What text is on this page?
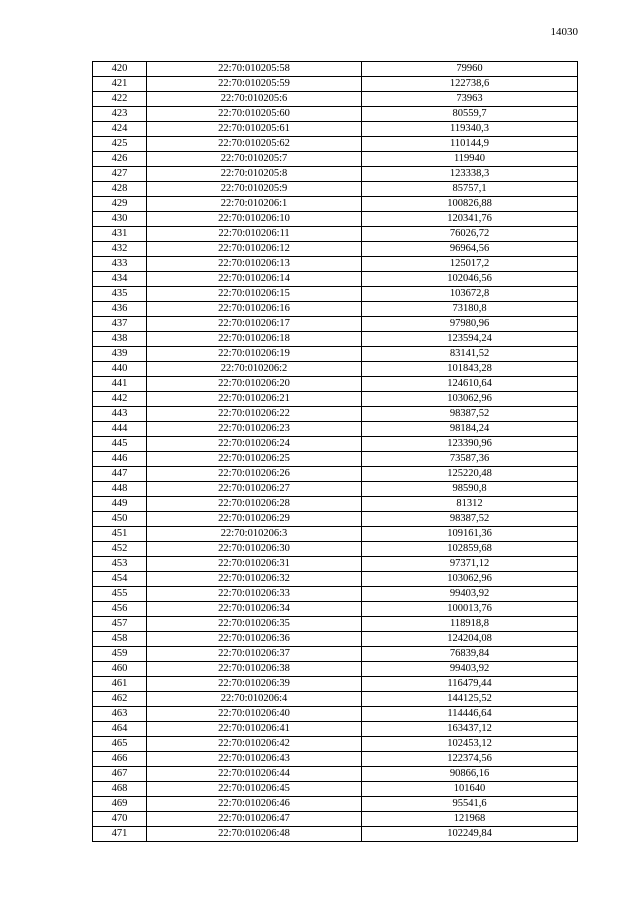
14030
420	22:70:010205:58	79960
421	22:70:010205:59	122738,6
422	22:70:010205:6	73963
423	22:70:010205:60	80559,7
424	22:70:010205:61	119340,3
425	22:70:010205:62	110144,9
426	22:70:010205:7	119940
427	22:70:010205:8	123338,3
428	22:70:010205:9	85757,1
429	22:70:010206:1	100826,88
430	22:70:010206:10	120341,76
431	22:70:010206:11	76026,72
432	22:70:010206:12	96964,56
433	22:70:010206:13	125017,2
434	22:70:010206:14	102046,56
435	22:70:010206:15	103672,8
436	22:70:010206:16	73180,8
437	22:70:010206:17	97980,96
438	22:70:010206:18	123594,24
439	22:70:010206:19	83141,52
440	22:70:010206:2	101843,28
441	22:70:010206:20	124610,64
442	22:70:010206:21	103062,96
443	22:70:010206:22	98387,52
444	22:70:010206:23	98184,24
445	22:70:010206:24	123390,96
446	22:70:010206:25	73587,36
447	22:70:010206:26	125220,48
448	22:70:010206:27	98590,8
449	22:70:010206:28	81312
450	22:70:010206:29	98387,52
451	22:70:010206:3	109161,36
452	22:70:010206:30	102859,68
453	22:70:010206:31	97371,12
454	22:70:010206:32	103062,96
455	22:70:010206:33	99403,92
456	22:70:010206:34	100013,76
457	22:70:010206:35	118918,8
458	22:70:010206:36	124204,08
459	22:70:010206:37	76839,84
460	22:70:010206:38	99403,92
461	22:70:010206:39	116479,44
462	22:70:010206:4	144125,52
463	22:70:010206:40	114446,64
464	22:70:010206:41	163437,12
465	22:70:010206:42	102453,12
466	22:70:010206:43	122374,56
467	22:70:010206:44	90866,16
468	22:70:010206:45	101640
469	22:70:010206:46	95541,6
470	22:70:010206:47	121968
471	22:70:010206:48	102249,84
